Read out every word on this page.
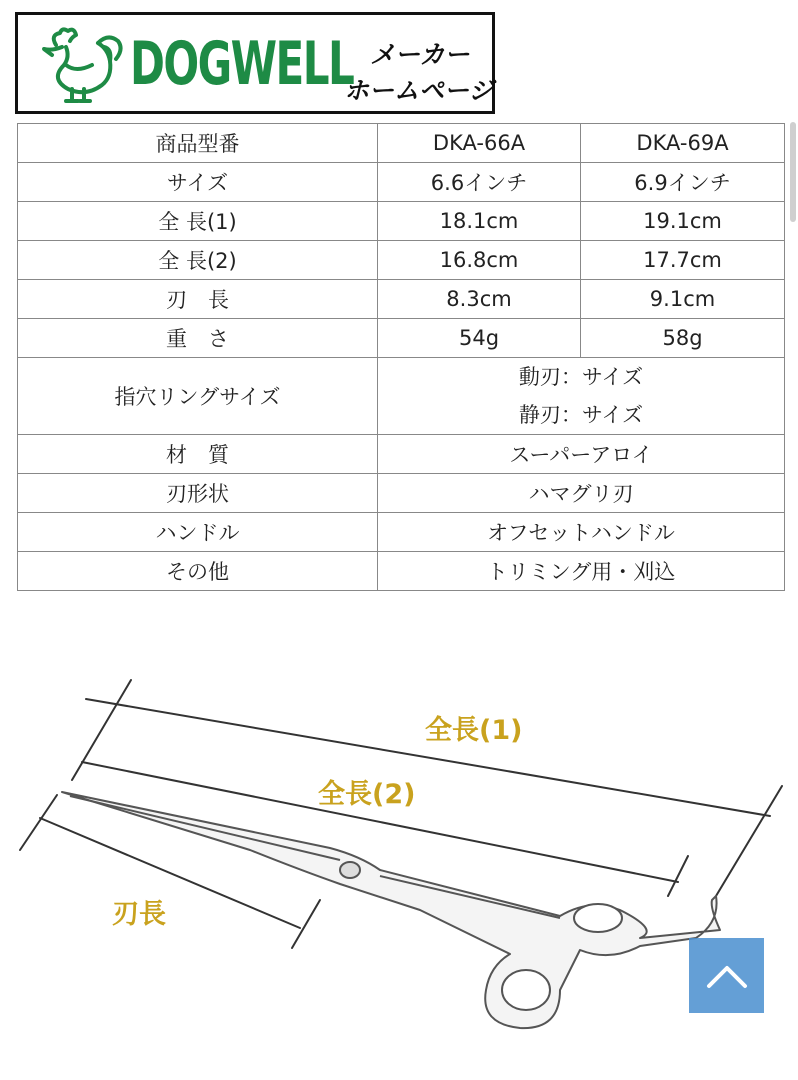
DOGWELL メーカー
ホームページ
商品型番	DKA-66A	DKA-69A
サイズ	6.6インチ	6.9インチ
全 長(1)	18.1cm	19.1cm
全 長(2)	16.8cm	17.7cm
刃　長	8.3cm	9.1cm
重　さ	54g	58g
指穴リングサイズ	動刃：サイズ
静刃：サイズ	

材　質	スーパーアロイ	
刃形状	ハマグリ刃	
ハンドル	オフセットハンドル	
その他	トリミング用・刈込	
全長(1)
全長(2)
刃長
